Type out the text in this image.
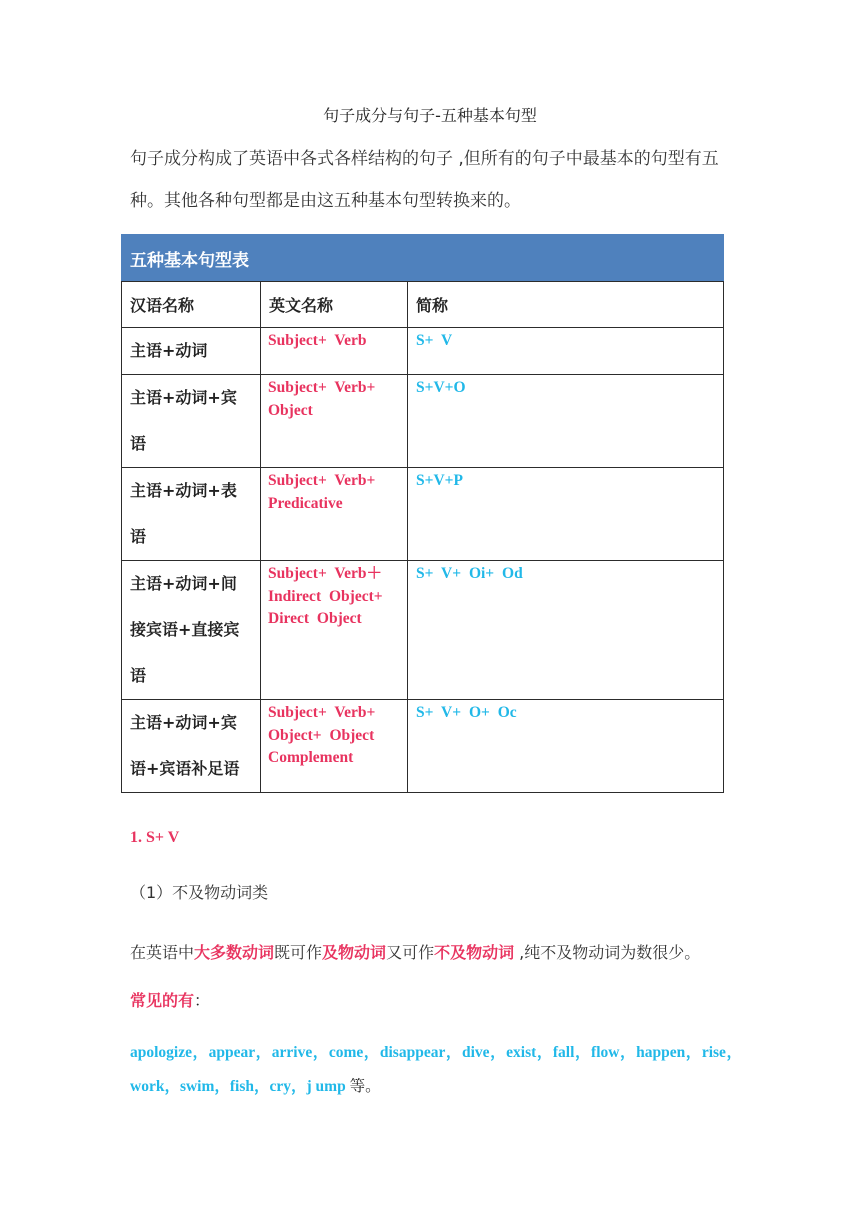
句子成分与句子-五种基本句型
句子成分构成了英语中各式各样结构的句子 ,但所有的句子中最基本的句型有五种。其他各种句型都是由这五种基本句型转换来的。
五种基本句型表		
汉语名称	英文名称	简称
主语+动词	Subject+ Verb	S+ V
主语+动词+宾语	Subject+ Verb+ Object	S+V+O
主语+动词+表语	Subject+ Verb+ Predicative	S+V+P
主语+动词+间接宾语+直接宾语	Subject+ Verb＋ Indirect Object+ Direct Object	S+ V+ Oi+ Od
主语+动词+宾语+宾语补足语	Subject+ Verb+ Object+ Object Complement	S+ V+ O+ Oc
1. S+ V
（1）不及物动词类
在英语中大多数动词既可作及物动词又可作不及物动词 ,纯不及物动词为数很少。
常见的有：
apologize，appear，arrive，come，disappear，dive，exist，fall，flow，happen，rise，work，swim，fish，cry，j ump 等。
